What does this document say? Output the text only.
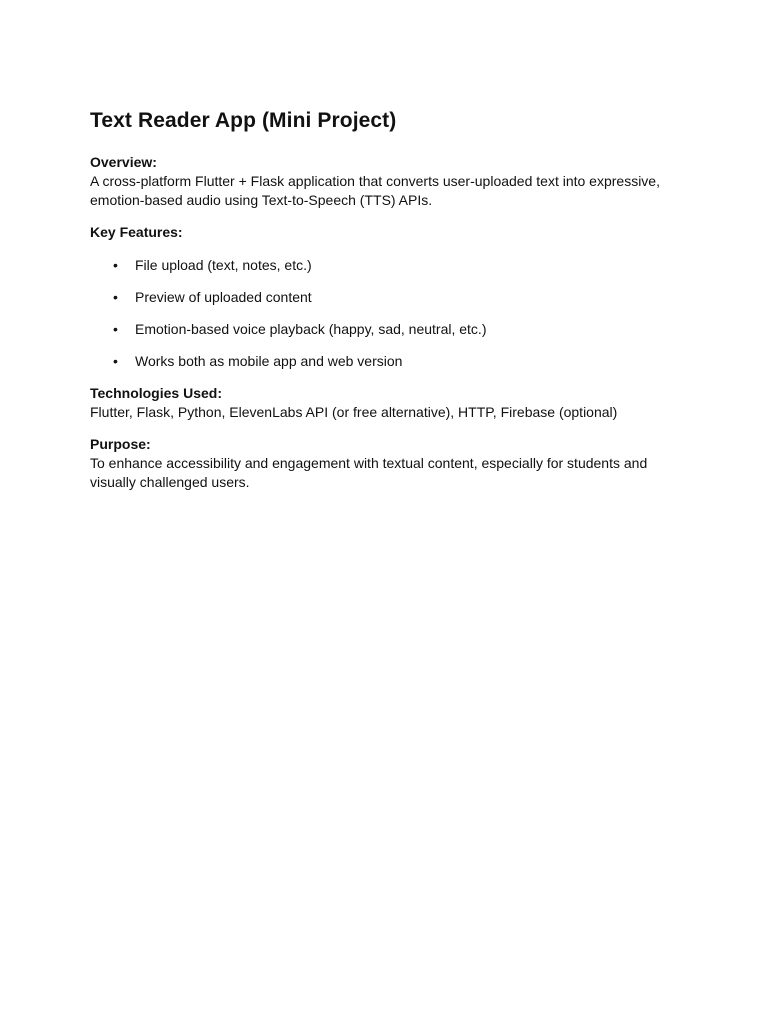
Text Reader App (Mini Project)

Overview:

A cross-platform Flutter + Flask application that converts user-uploaded text into expressive, emotion-based audio using Text-to-Speech (TTS) APIs.

Key Features:

• File upload (text, notes, etc.)
• Preview of uploaded content
• Emotion-based voice playback (happy, sad, neutral, etc.)
• Works both as mobile app and web version

Technologies Used:

Flutter, Flask, Python, ElevenLabs API (or free alternative), HTTP, Firebase (optional)

Purpose:

To enhance accessibility and engagement with textual content, especially for students and visually challenged users.
